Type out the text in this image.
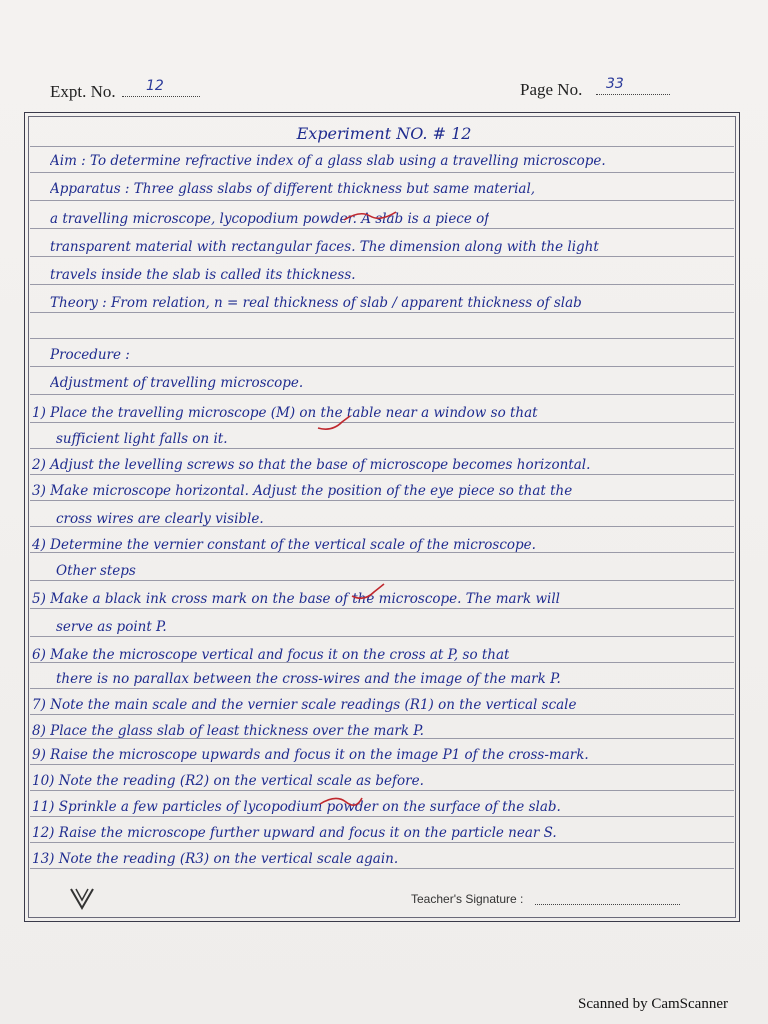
Expt. No. 12	Page No. 33
Experiment NO. # 12
Aim : To determine refractive index of a glass slab using a travelling microscope.
Apparatus : Three glass slabs of different thickness but same material,
a travelling microscope, lycopodium powder. A slab is a piece of
transparent material with rectangular faces. The dimension along with the light
travels inside the slab is called its thickness.
Theory : From relation, n = real thickness of slab / apparent thickness of slab
Procedure :
Adjustment of travelling microscope.
1) Place the travelling microscope (M) on the table near a window so that
sufficient light falls on it.
2) Adjust the levelling screws so that the base of microscope becomes horizontal.
3) Make microscope horizontal. Adjust the position of the eye piece so that the
cross wires are clearly visible.
4) Determine the vernier constant of the vertical scale of the microscope.
Other steps
5) Make a black ink cross mark on the base of the microscope. The mark will
serve as point P.
6) Make the microscope vertical and focus it on the cross at P, so that
there is no parallax between the cross-wires and the image of the mark P.
7) Note the main scale and the vernier scale readings (R1) on the vertical scale
8) Place the glass slab of least thickness over the mark P.
9) Raise the microscope upwards and focus it on the image P1 of the cross-mark.
10) Note the reading (R2) on the vertical scale as before.
11) Sprinkle a few particles of lycopodium powder on the surface of the slab.
12) Raise the microscope further upward and focus it on the particle near S.
13) Note the reading (R3) on the vertical scale again.
Teacher's Signature :
Scanned by CamScanner
